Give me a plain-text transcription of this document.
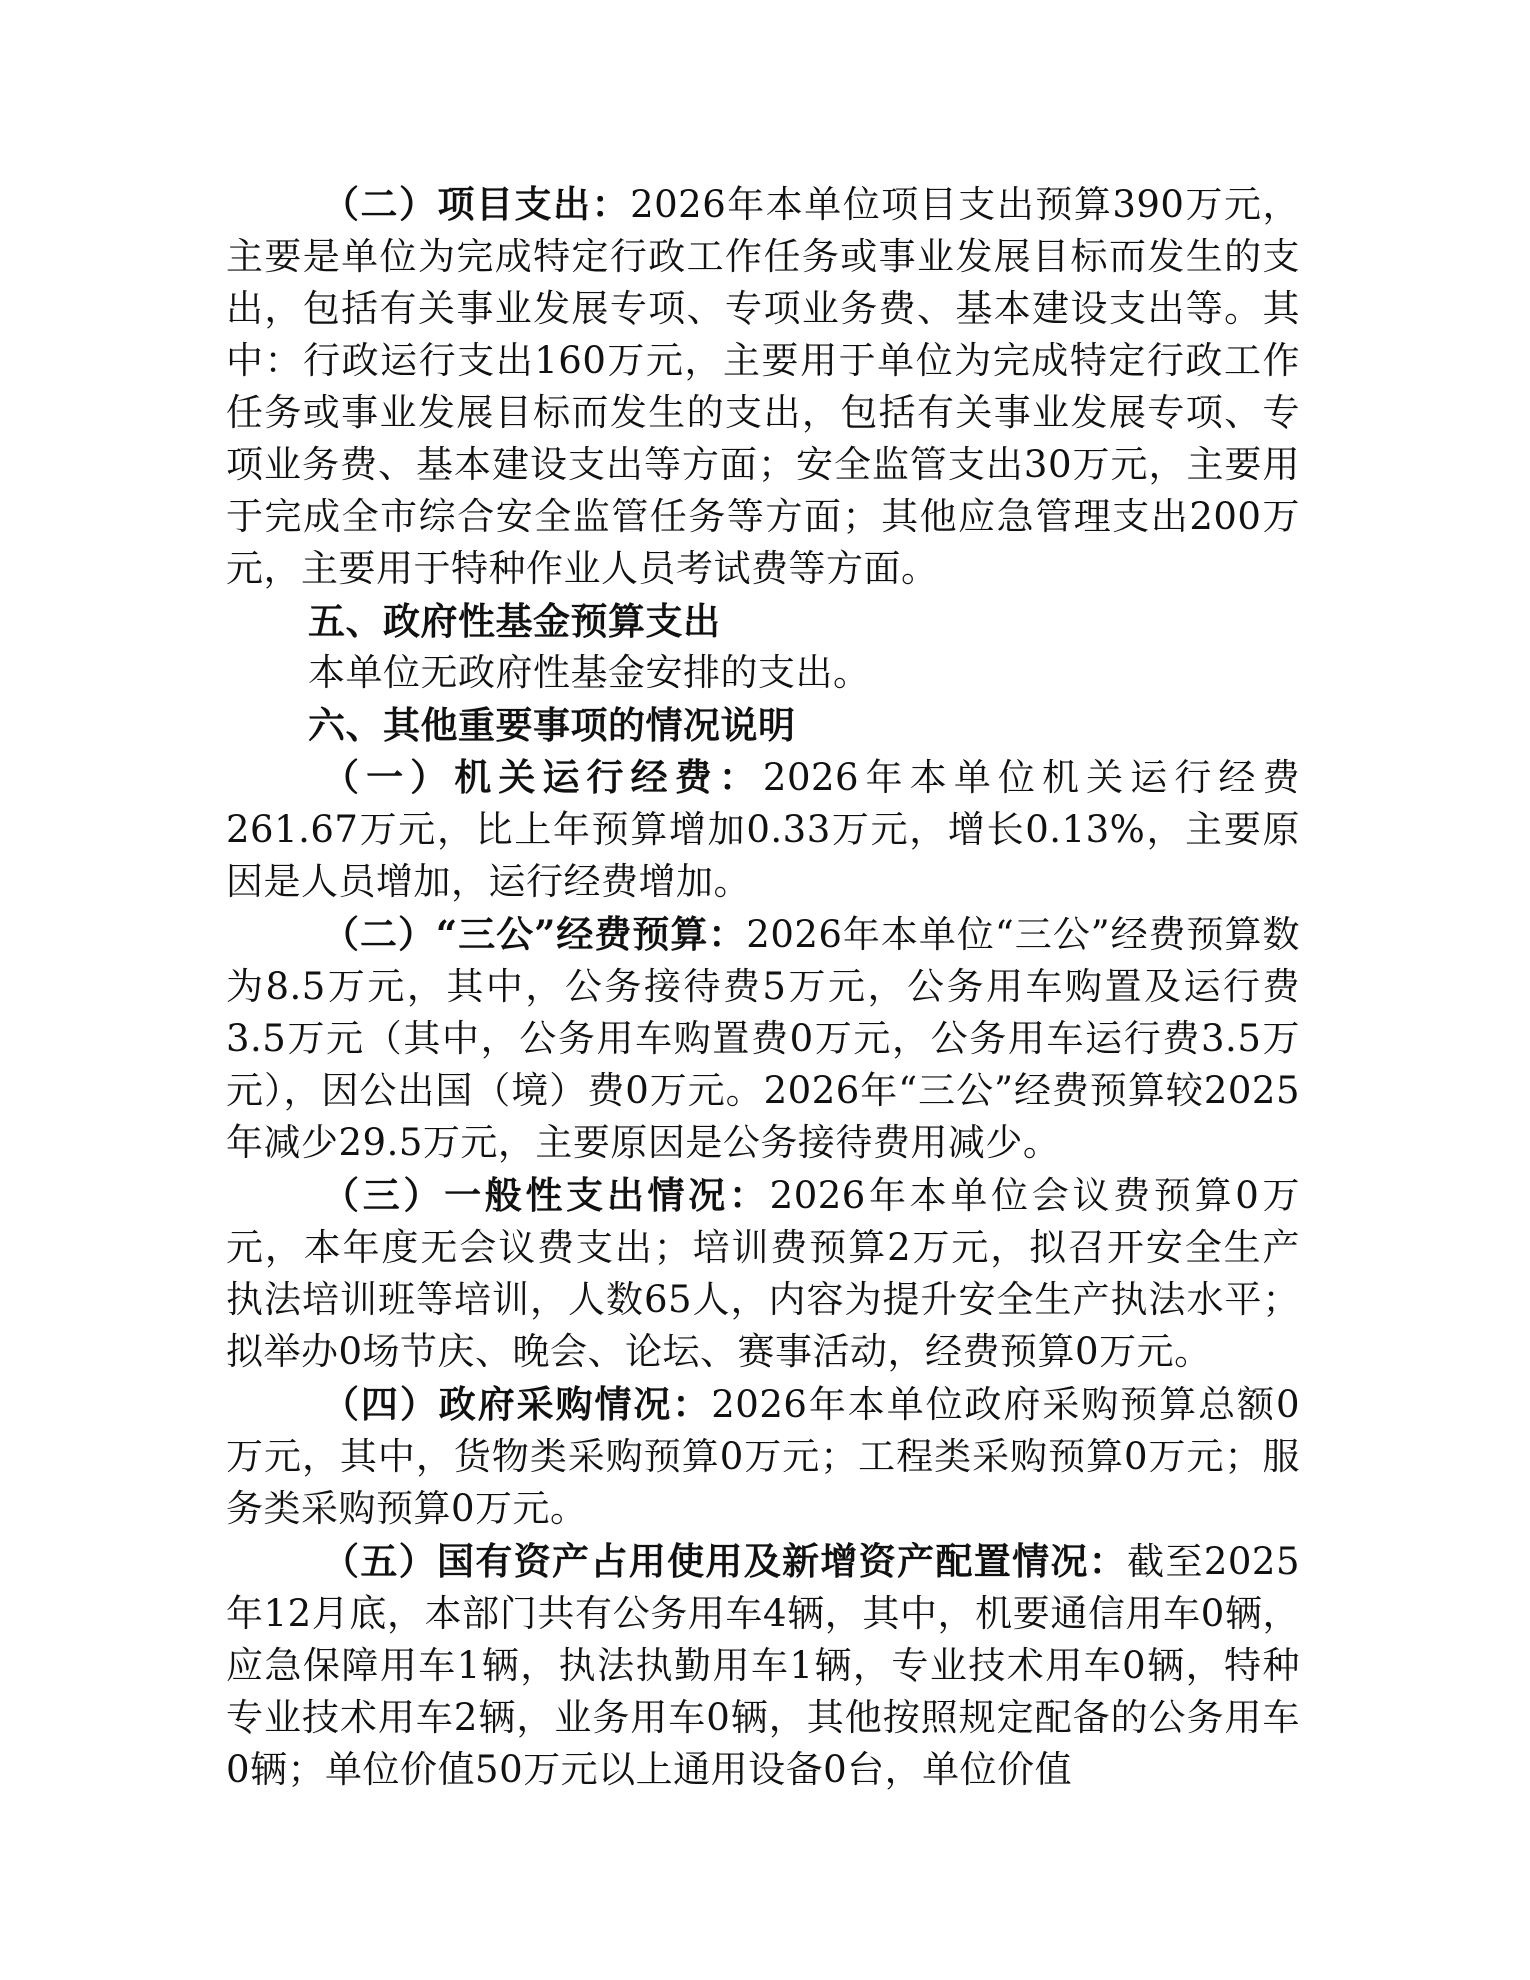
（二）项目支出：2026年本单位项目支出预算390万元，主要是单位为完成特定行政工作任务或事业发展目标而发生的支出，包括有关事业发展专项、专项业务费、基本建设支出等。其中：行政运行支出160万元，主要用于单位为完成特定行政工作任务或事业发展目标而发生的支出，包括有关事业发展专项、专项业务费、基本建设支出等方面；安全监管支出30万元，主要用于完成全市综合安全监管任务等方面；其他应急管理支出200万元，主要用于特种作业人员考试费等方面。

五、政府性基金预算支出

本单位无政府性基金安排的支出。

六、其他重要事项的情况说明

（一）机关运行经费：2026年本单位机关运行经费261.67万元，比上年预算增加0.33万元，增长0.13%，主要原因是人员增加，运行经费增加。

（二）“三公”经费预算：2026年本单位“三公”经费预算数为8.5万元，其中，公务接待费5万元，公务用车购置及运行费3.5万元（其中，公务用车购置费0万元，公务用车运行费3.5万元），因公出国（境）费0万元。2026年“三公”经费预算较2025年减少29.5万元，主要原因是公务接待费用减少。

（三）一般性支出情况：2026年本单位会议费预算0万元，本年度无会议费支出；培训费预算2万元，拟召开安全生产执法培训班等培训，人数65人，内容为提升安全生产执法水平；拟举办0场节庆、晚会、论坛、赛事活动，经费预算0万元。

（四）政府采购情况：2026年本单位政府采购预算总额0万元，其中，货物类采购预算0万元；工程类采购预算0万元；服务类采购预算0万元。

（五）国有资产占用使用及新增资产配置情况：截至2025年12月底，本部门共有公务用车4辆，其中，机要通信用车0辆，应急保障用车1辆，执法执勤用车1辆，专业技术用车0辆，特种专业技术用车2辆，业务用车0辆，其他按照规定配备的公务用车0辆；单位价值50万元以上通用设备0台，单位价值
